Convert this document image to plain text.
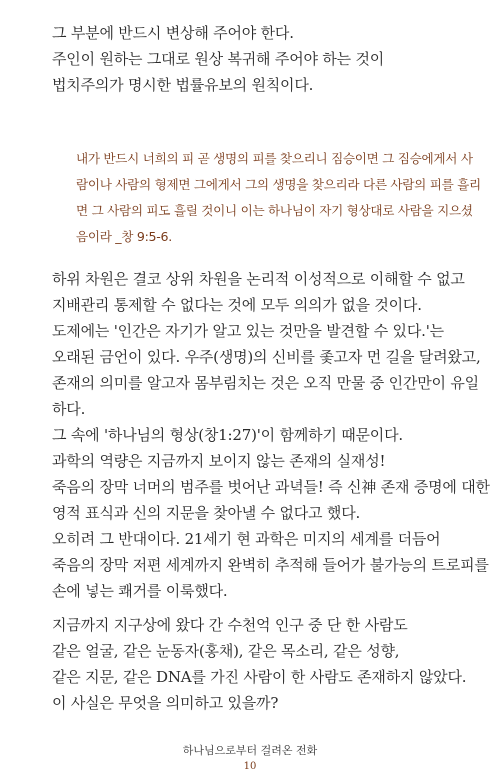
그 부분에 반드시 변상해 주어야 한다.
주인이 원하는 그대로 원상 복귀해 주어야 하는 것이
법치주의가 명시한 법률유보의 원칙이다.
내가 반드시 너희의 피 곧 생명의 피를 찾으리니 짐승이면 그 짐승에게서 사
람이나 사람의 형제면 그에게서 그의 생명을 찾으리라 다른 사람의 피를 흘리
면 그 사람의 피도 흘릴 것이니 이는 하나님이 자기 형상대로 사람을 지으셨
음이라 _창 9:5-6.
하위 차원은 결코 상위 차원을 논리적 이성적으로 이해할 수 없고
지배관리 통제할 수 없다는 것에 모두 의의가 없을 것이다.
도제에는 '인간은 자기가 알고 있는 것만을 발견할 수 있다.'는
오래된 금언이 있다. 우주(생명)의 신비를 좇고자 먼 길을 달려왔고,
존재의 의미를 알고자 몸부림치는 것은 오직 만물 중 인간만이 유일
하다.
그 속에 '하나님의 형상(창1:27)'이 함께하기 때문이다.
과학의 역량은 지금까지 보이지 않는 존재의 실재성!
죽음의 장막 너머의 범주를 벗어난 과녁들! 즉 신神 존재 증명에 대한
영적 표식과 신의 지문을 찾아낼 수 없다고 했다.
오히려 그 반대이다. 21세기 현 과학은 미지의 세계를 더듬어
죽음의 장막 저편 세계까지 완벽히 추적해 들어가 불가능의 트로피를
손에 넣는 쾌거를 이룩했다.
지금까지 지구상에 왔다 간 수천억 인구 중 단 한 사람도
같은 얼굴, 같은 눈동자(홍채), 같은 목소리, 같은 성향,
같은 지문, 같은 DNA를 가진 사람이 한 사람도 존재하지 않았다.
이 사실은 무엇을 의미하고 있을까?
하나님으로부터 걸려온 전화
10
